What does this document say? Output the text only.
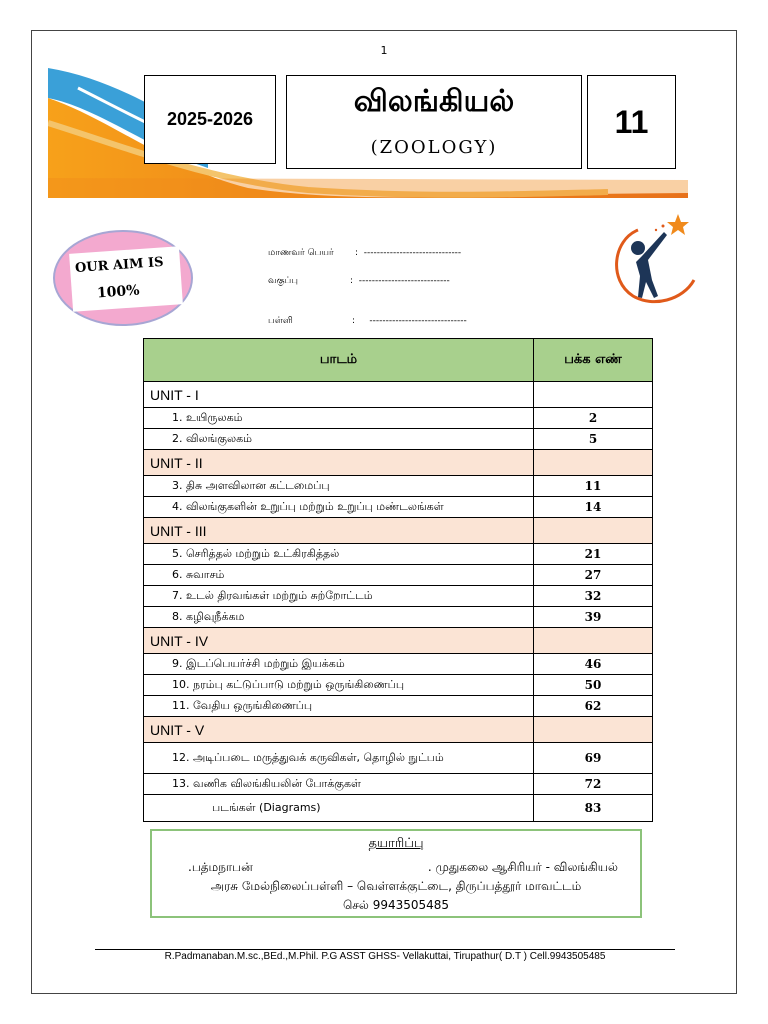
1
2025-2026	விலங்கியல்
(ZOOLOGY)
11
OUR AIM IS
100%
மாணவர் பெயர் :  ------------------------------
வகுப்பு	:  ----------------------------
பள்ளி	:     ------------------------------
பாடம்	பக்க எண்
UNIT - I	
1. உயிருலகம்	2
2. விலங்குலகம்	5
UNIT - II	
3. திசு அளவிலான கட்டமைப்பு	11
4. விலங்குகளின் உறுப்பு மற்றும் உறுப்பு மண்டலங்கள்	14
UNIT - III	
5. செரித்தல் மற்றும் உட்கிரகித்தல்	21
6. சுவாசம்	27
7. உடல் திரவங்கள் மற்றும் சுற்றோட்டம்	32
8. கழிவுநீக்கம	39
UNIT - IV	
9. இடப்பெயர்ச்சி மற்றும் இயக்கம்	46
10. நரம்பு கட்டுப்பாடு மற்றும் ஒருங்கிணைப்பு	50
11. வேதிய ஒருங்கிணைப்பு	62
UNIT - V	
12. அடிப்படை மருத்துவக் கருவிகள், தொழில் நுட்பம்	69
13. வணிக விலங்கியலின் போக்குகள்	72
படங்கள் (Diagrams)	83
தயாரிப்பு
.பத்மநாபன்	. முதுகலை ஆசிரியர் - விலங்கியல்
அரசு மேல்நிலைப்பள்ளி – வெள்ளக்குட்டை, திருப்பத்தூர் மாவட்டம்
செல் 9943505485
R.Padmanaban.M.sc.,BEd.,M.Phil. P.G ASST GHSS- Vellakuttai, Tirupathur( D.T ) Cell.9943505485
